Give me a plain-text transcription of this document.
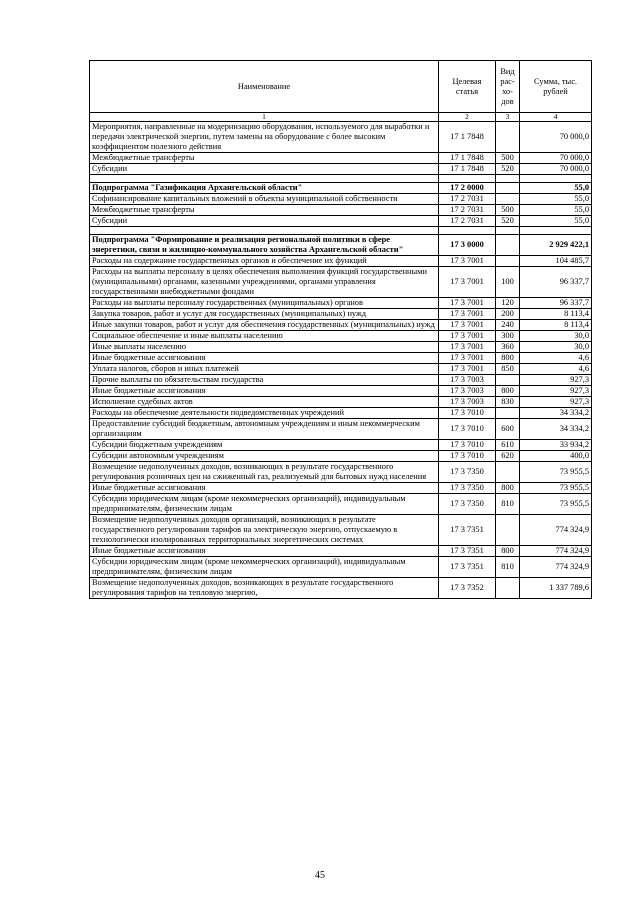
Наименование	Целевая статья	Вид рас- хо- дов	Сумма, тыс. рублей
1	2	3	4
Мероприятия, направленные на модернизацию оборудования, используемого для выработки и передачи электрической энергии, путем замены на оборудование с более высоким коэффициентом полезного действия	17 1 7848		70 000,0
Межбюджетные трансферты	17 1 7848	500	70 000,0
Субсидии	17 1 7848	520	70 000,0

Подпрограмма "Газификация Архангельской области"	17 2 0000		55,0
Софинансирование капитальных вложений в объекты муниципальной собственности	17 2 7031		55,0
Межбюджетные трансферты	17 2 7031	500	55,0
Субсидии	17 2 7031	520	55,0

Подпрограмма "Формирование и реализация региональной политики в сфере энергетики, связи и жилищно-коммунального хозяйства Архангельской области"	17 3 0000		2 929 422,1
Расходы на содержание государственных органов и обеспечение их функций	17 3 7001		104 485,7
Расходы на выплаты персоналу в целях обеспечения выполнения функций государственными (муниципальными) органами, казенными учреждениями, органами управления государственными внебюджетными фондами	17 3 7001	100	96 337,7
Расходы на выплаты персоналу государственных (муниципальных) органов	17 3 7001	120	96 337,7
Закупка товаров, работ и услуг для государственных (муниципальных) нужд	17 3 7001	200	8 113,4
Иные закупки товаров, работ и услуг для обеспечения государственных (муниципальных) нужд	17 3 7001	240	8 113,4
Социальное обеспечение и иные выплаты населению	17 3 7001	300	30,0
Иные выплаты населению	17 3 7001	360	30,0
Иные бюджетные ассигнования	17 3 7001	800	4,6
Уплата налогов, сборов и иных платежей	17 3 7001	850	4,6
Прочие выплаты по обязательствам государства	17 3 7003		927,3
Иные бюджетные ассигнования	17 3 7003	800	927,3
Исполнение судебных актов	17 3 7003	830	927,3
Расходы на обеспечение деятельности подведомственных учреждений	17 3 7010		34 334,2
Предоставление субсидий бюджетным, автономным учреждениям и иным некоммерческим организациям	17 3 7010	600	34 334,2
Субсидии бюджетным учреждениям	17 3 7010	610	33 934,2
Субсидии автономным учреждениям	17 3 7010	620	400,0
Возмещение недополученных доходов, возникающих в результате государственного регулирования розничных цен на сжиженный газ, реализуемый для бытовых нужд населения	17 3 7350		73 955,5
Иные бюджетные ассигнования	17 3 7350	800	73 955,5
Субсидии юридическим лицам (кроме некоммерческих организаций), индивидуальным предпринимателям, физическим лицам	17 3 7350	810	73 955,5
Возмещение недополученных доходов организаций, возникающих в результате государственного регулирования тарифов на электрическую энергию, отпускаемую в технологически изолированных территориальных энергетических системах	17 3 7351		774 324,9
Иные бюджетные ассигнования	17 3 7351	800	774 324,9
Субсидии юридическим лицам (кроме некоммерческих организаций), индивидуальным предпринимателям, физическим лицам	17 3 7351	810	774 324,9
Возмещение недополученных доходов, возникающих в результате государственного регулирования тарифов на тепловую энергию,	17 3 7352		1 337 789,6
45
